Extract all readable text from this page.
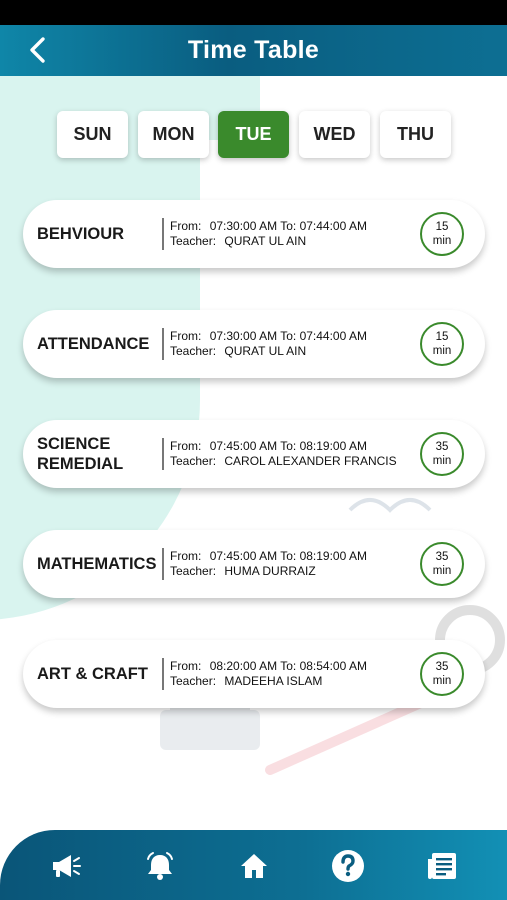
Time Table
SUN	MON	TUE	WED	THU
BEHVIOUR	From: 07:30:00 AM To: 07:44:00 AM
Teacher: QURAT UL AIN
15
min
ATTENDANCE	From: 07:30:00 AM To: 07:44:00 AM
Teacher: QURAT UL AIN
15
min
SCIENCE REMEDIAL
From: 07:45:00 AM To: 08:19:00 AM
Teacher: CAROL ALEXANDER FRANCIS
35
min
MATHEMATICS	From: 07:45:00 AM To: 08:19:00 AM
Teacher: HUMA DURRAIZ
35
min
ART & CRAFT	From: 08:20:00 AM To: 08:54:00 AM
Teacher: MADEEHA ISLAM
35
min
